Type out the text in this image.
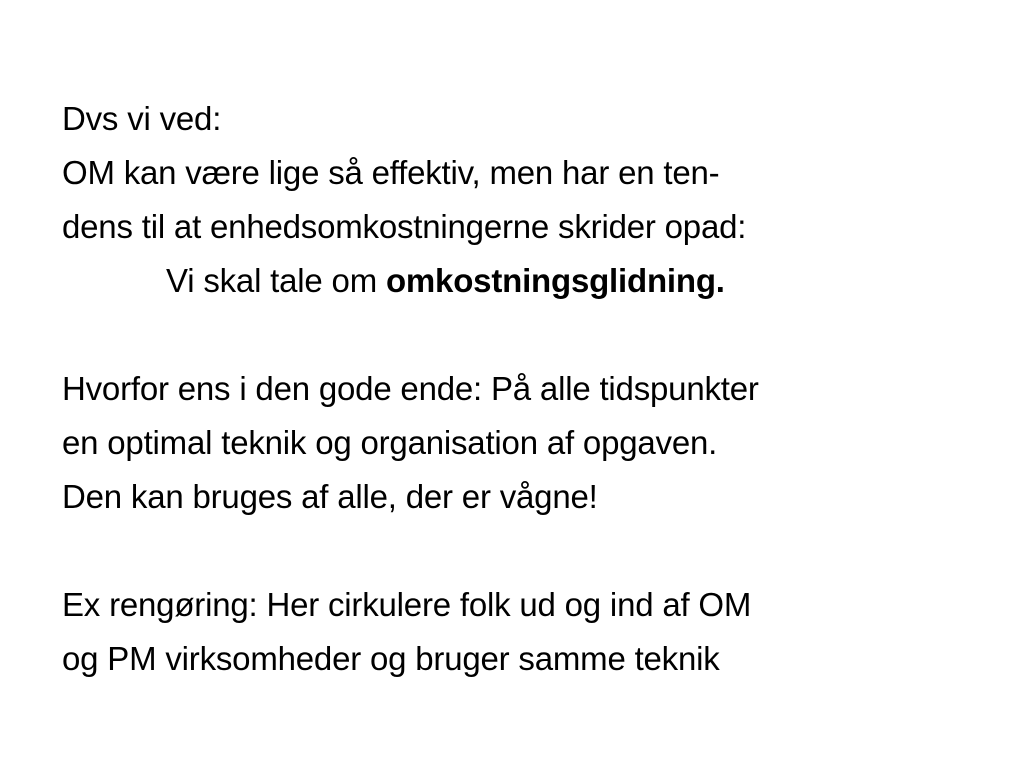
Dvs vi ved:
OM kan være lige så effektiv, men har en ten-
dens til at enhedsomkostningerne skrider opad:
Vi skal tale om omkostningsglidning.
Hvorfor ens i den gode ende: På alle tidspunkter
en optimal teknik og organisation af opgaven.
Den kan bruges af alle, der er vågne!
Ex rengøring: Her cirkulere folk ud og ind af OM
og PM virksomheder og bruger samme teknik
